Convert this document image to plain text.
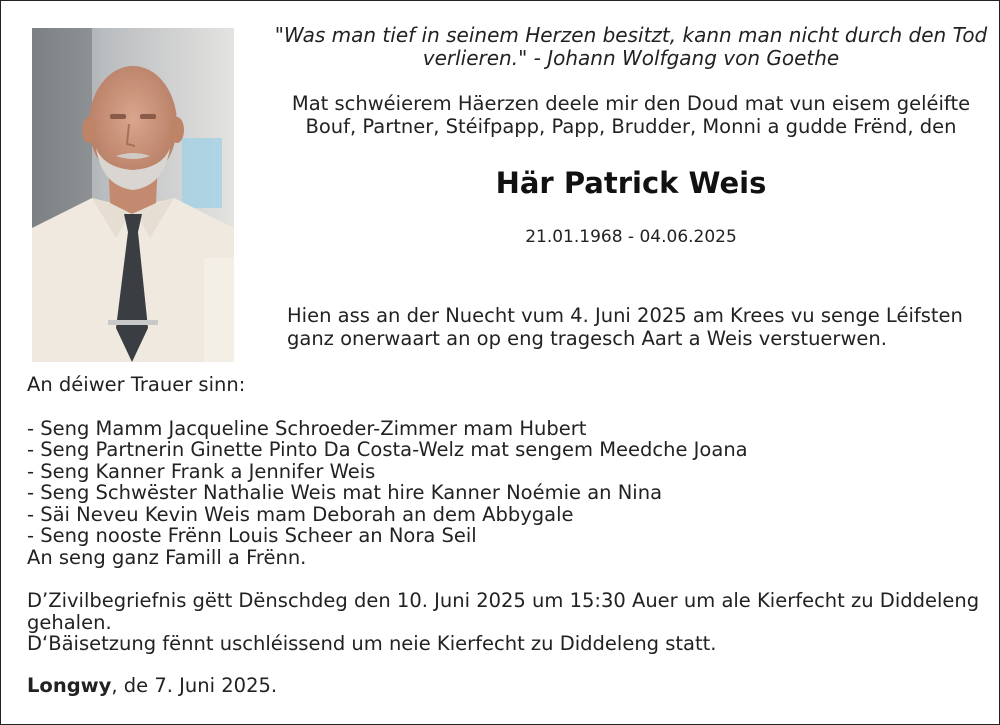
"Was man tief in seinem Herzen besitzt, kann man nicht durch den Tod
verlieren." - Johann Wolfgang von Goethe
Mat schwéierem Häerzen deele mir den Doud mat vun eisem geléifte
Bouf, Partner, Stéifpapp, Papp, Brudder, Monni a gudde Frënd, den
Här Patrick Weis
21.01.1968 - 04.06.2025
Hien ass an der Nuecht vum 4. Juni 2025 am Krees vu senge Léifsten
ganz onerwaart an op eng tragesch Aart a Weis verstuerwen.

An déiwer Trauer sinn:

- Seng Mamm Jacqueline Schroeder-Zimmer mam Hubert

- Seng Partnerin Ginette Pinto Da Costa-Welz mat sengem Meedche Joana

- Seng Kanner Frank a Jennifer Weis

- Seng Schwëster Nathalie Weis mat hire Kanner Noémie an Nina

- Säi Neveu Kevin Weis mam Deborah an dem Abbygale

- Seng nooste Frënn Louis Scheer an Nora Seil

An seng ganz Famill a Frënn.

D’Zivilbegriefnis gëtt Dënschdeg den 10. Juni 2025 um 15:30 Auer um ale Kierfecht zu Diddeleng

gehalen.

D‘Bäisetzung fënnt uschléissend um neie Kierfecht zu Diddeleng statt.

Longwy, de 7. Juni 2025.
